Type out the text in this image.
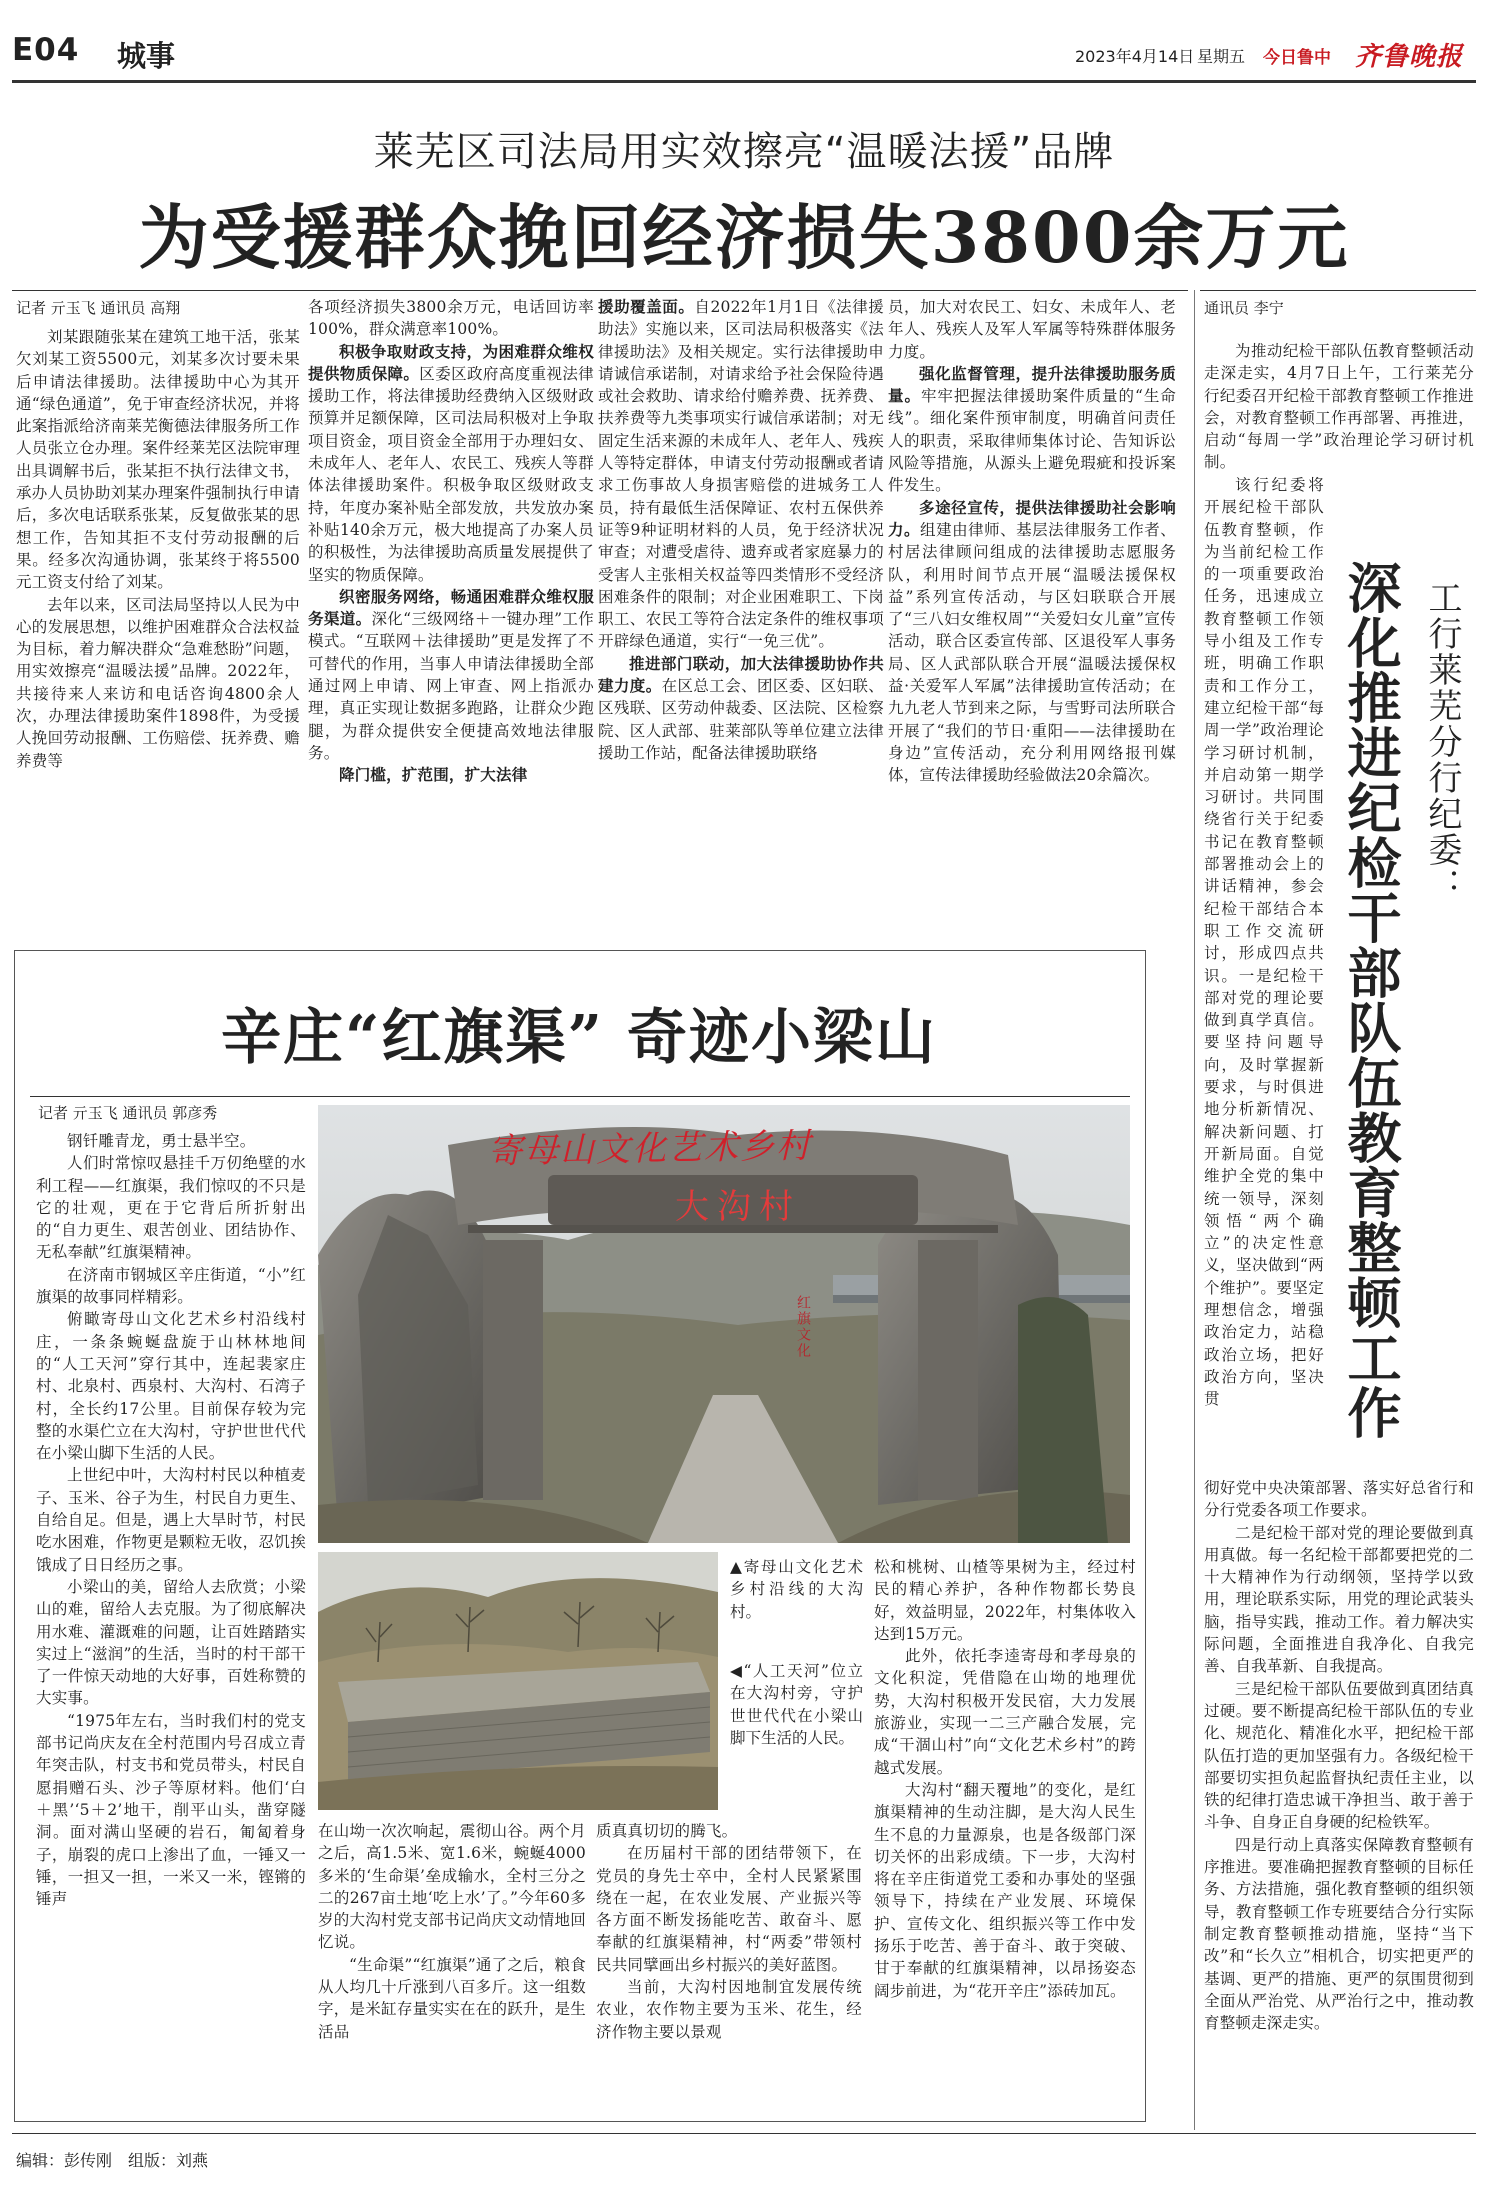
E04 城事	2023年4月14日 星期五 今日鲁中 齐鲁晚报
莱芜区司法局用实效擦亮“温暖法援”品牌
为受援群众挽回经济损失3800余万元
记者 亓玉飞 通讯员 高翔

刘某跟随张某在建筑工地干活，张某欠刘某工资5500元，刘某多次讨要未果后申请法律援助。法律援助中心为其开通“绿色通道”，免于审查经济状况，并将此案指派给济南莱芜衡德法律服务所工作人员张立仓办理。案件经莱芜区法院审理出具调解书后，张某拒不执行法律文书，承办人员协助刘某办理案件强制执行申请后，多次电话联系张某，反复做张某的思想工作，告知其拒不支付劳动报酬的后果。经多次沟通协调，张某终于将5500元工资支付给了刘某。

去年以来，区司法局坚持以人民为中心的发展思想，以维护困难群众合法权益为目标，着力解决群众“急难愁盼”问题，用实效擦亮“温暖法援”品牌。2022年，共接待来人来访和电话咨询4800余人次，办理法律援助案件1898件，为受援人挽回劳动报酬、工伤赔偿、抚养费、赡养费等

各项经济损失3800余万元，电话回访率100%，群众满意率100%。

积极争取财政支持，为困难群众维权提供物质保障。区委区政府高度重视法律援助工作，将法律援助经费纳入区级财政预算并足额保障，区司法局积极对上争取项目资金，项目资金全部用于办理妇女、未成年人、老年人、农民工、残疾人等群体法律援助案件。积极争取区级财政支持，年度办案补贴全部发放，共发放办案补贴140余万元，极大地提高了办案人员的积极性，为法律援助高质量发展提供了坚实的物质保障。

织密服务网络，畅通困难群众维权服务渠道。深化“三级网络＋一键办理”工作模式。“互联网＋法律援助”更是发挥了不可替代的作用，当事人申请法律援助全部通过网上申请、网上审查、网上指派办理，真正实现让数据多跑路，让群众少跑腿，为群众提供安全便捷高效地法律服务。

降门槛，扩范围，扩大法律

援助覆盖面。自2022年1月1日《法律援助法》实施以来，区司法局积极落实《法律援助法》及相关规定。实行法律援助申请诚信承诺制，对请求给予社会保险待遇或社会救助、请求给付赡养费、抚养费、扶养费等九类事项实行诚信承诺制；对无固定生活来源的未成年人、老年人、残疾人等特定群体，申请支付劳动报酬或者请求工伤事故人身损害赔偿的进城务工人员，持有最低生活保障证、农村五保供养证等9种证明材料的人员，免于经济状况审查；对遭受虐待、遗弃或者家庭暴力的受害人主张相关权益等四类情形不受经济困难条件的限制；对企业困难职工、下岗职工、农民工等符合法定条件的维权事项开辟绿色通道，实行“一免三优”。

推进部门联动，加大法律援助协作共建力度。在区总工会、团区委、区妇联、区残联、区劳动仲裁委、区法院、区检察院、区人武部、驻莱部队等单位建立法律援助工作站，配备法律援助联络

员，加大对农民工、妇女、未成年人、老年人、残疾人及军人军属等特殊群体服务力度。

强化监督管理，提升法律援助服务质量。牢牢把握法律援助案件质量的“生命线”。细化案件预审制度，明确首问责任人的职责，采取律师集体讨论、告知诉讼风险等措施，从源头上避免瑕疵和投诉案件发生。

多途径宣传，提供法律援助社会影响力。组建由律师、基层法律服务工作者、村居法律顾问组成的法律援助志愿服务队，利用时间节点开展“温暖法援保权益”系列宣传活动，与区妇联联合开展了“三八妇女维权周”“关爱妇女儿童”宣传活动，联合区委宣传部、区退役军人事务局、区人武部队联合开展“温暖法援保权益·关爱军人军属”法律援助宣传活动；在九九老人节到来之际，与雪野司法所联合开展了“我们的节日·重阳——法律援助在身边”宣传活动，充分利用网络报刊媒体，宣传法律援助经验做法20余篇次。

辛庄“红旗渠” 奇迹小梁山
记者 亓玉飞 通讯员 郭彦秀
寄母山文化艺术乡村
大沟村
红旗文化
▲寄母山文化艺术乡村沿线的大沟村。
◀“人工天河”位立在大沟村旁，守护世世代代在小梁山脚下生活的人民。

钢钎雕青龙，勇士悬半空。

人们时常惊叹悬挂千万仞绝壁的水利工程——红旗渠，我们惊叹的不只是它的壮观，更在于它背后所折射出的“自力更生、艰苦创业、团结协作、无私奉献”红旗渠精神。

在济南市钢城区辛庄街道，“小”红旗渠的故事同样精彩。

俯瞰寄母山文化艺术乡村沿线村庄，一条条蜿蜒盘旋于山林林地间的“人工天河”穿行其中，连起裴家庄村、北泉村、西泉村、大沟村、石湾子村，全长约17公里。目前保存较为完整的水渠伫立在大沟村，守护世世代代在小梁山脚下生活的人民。

上世纪中叶，大沟村村民以种植麦子、玉米、谷子为生，村民自力更生、自给自足。但是，遇上大旱时节，村民吃水困难，作物更是颗粒无收，忍饥挨饿成了日日经历之事。

小梁山的美，留给人去欣赏；小梁山的难，留给人去克服。为了彻底解决用水难、灌溉难的问题，让百姓踏踏实实过上“滋润”的生活，当时的村干部干了一件惊天动地的大好事，百姓称赞的大实事。

“1975年左右，当时我们村的党支部书记尚庆友在全村范围内号召成立青年突击队，村支书和党员带头，村民自愿捐赠石头、沙子等原材料。他们‘白＋黑’‘5＋2’地干，削平山头，凿穿隧洞。面对满山坚硬的岩石，匍匐着身子，崩裂的虎口上渗出了血，一锤又一锤，一担又一担，一米又一米，铿锵的锤声

在山坳一次次响起，震彻山谷。两个月之后，高1.5米、宽1.6米，蜿蜒4000多米的‘生命渠’垒成输水，全村三分之二的267亩土地‘吃上水’了。”今年60多岁的大沟村党支部书记尚庆文动情地回忆说。

“生命渠”“红旗渠”通了之后，粮食从人均几十斤涨到八百多斤。这一组数字，是米缸存量实实在在的跃升，是生活品

质真真切切的腾飞。

在历届村干部的团结带领下，在党员的身先士卒中，全村人民紧紧围绕在一起，在农业发展、产业振兴等各方面不断发扬能吃苦、敢奋斗、愿奉献的红旗渠精神，村“两委”带领村民共同擘画出乡村振兴的美好蓝图。

当前，大沟村因地制宜发展传统农业，农作物主要为玉米、花生，经济作物主要以景观

松和桃树、山楂等果树为主，经过村民的精心养护，各种作物都长势良好，效益明显，2022年，村集体收入达到15万元。

此外，依托李逵寄母和孝母泉的文化积淀，凭借隐在山坳的地理优势，大沟村积极开发民宿，大力发展旅游业，实现一二三产融合发展，完成“干涸山村”向“文化艺术乡村”的跨越式发展。

大沟村“翻天覆地”的变化，是红旗渠精神的生动注脚，是大沟人民生生不息的力量源泉，也是各级部门深切关怀的出彩成绩。下一步，大沟村将在辛庄街道党工委和办事处的坚强领导下，持续在产业发展、环境保护、宣传文化、组织振兴等工作中发扬乐于吃苦、善于奋斗、敢于突破、甘于奉献的红旗渠精神，以昂扬姿态阔步前进，为“花开辛庄”添砖加瓦。

通讯员 李宁

为推动纪检干部队伍教育整顿活动走深走实，4月7日上午，工行莱芜分行纪委召开纪检干部教育整顿工作推进会，对教育整顿工作再部署、再推进，启动“每周一学”政治理论学习研讨机制。

该行纪委将开展纪检干部队伍教育整顿，作为当前纪检工作的一项重要政治任务，迅速成立教育整顿工作领导小组及工作专班，明确工作职责和工作分工，建立纪检干部“每周一学”政治理论学习研讨机制，并启动第一期学习研讨。共同围绕省行关于纪委书记在教育整顿部署推动会上的讲话精神，参会纪检干部结合本职工作交流研讨，形成四点共识。一是纪检干部对党的理论要做到真学真信。要坚持问题导向，及时掌握新要求，与时俱进地分析新情况、解决新问题、打开新局面。自觉维护全党的集中统一领导，深刻领悟“两个确立”的决定性意义，坚决做到“两个维护”。要坚定理想信念，增强政治定力，站稳政治立场，把好政治方向，坚决贯

工行莱芜分行纪委：
深化推进纪检干部队伍教育整顿工作

彻好党中央决策部署、落实好总省行和分行党委各项工作要求。

二是纪检干部对党的理论要做到真用真做。每一名纪检干部都要把党的二十大精神作为行动纲领，坚持学以致用，理论联系实际，用党的理论武装头脑，指导实践，推动工作。着力解决实际问题，全面推进自我净化、自我完善、自我革新、自我提高。

三是纪检干部队伍要做到真团结真过硬。要不断提高纪检干部队伍的专业化、规范化、精准化水平，把纪检干部队伍打造的更加坚强有力。各级纪检干部要切实担负起监督执纪责任主业，以铁的纪律打造忠诚干净担当、敢于善于斗争、自身正自身硬的纪检铁军。

四是行动上真落实保障教育整顿有序推进。要准确把握教育整顿的目标任务、方法措施，强化教育整顿的组织领导，教育整顿工作专班要结合分行实际制定教育整顿推动措施，坚持“当下改”和“长久立”相机合，切实把更严的基调、更严的措施、更严的氛围贯彻到全面从严治党、从严治行之中，推动教育整顿走深走实。

编辑：彭传刚　组版：刘燕
